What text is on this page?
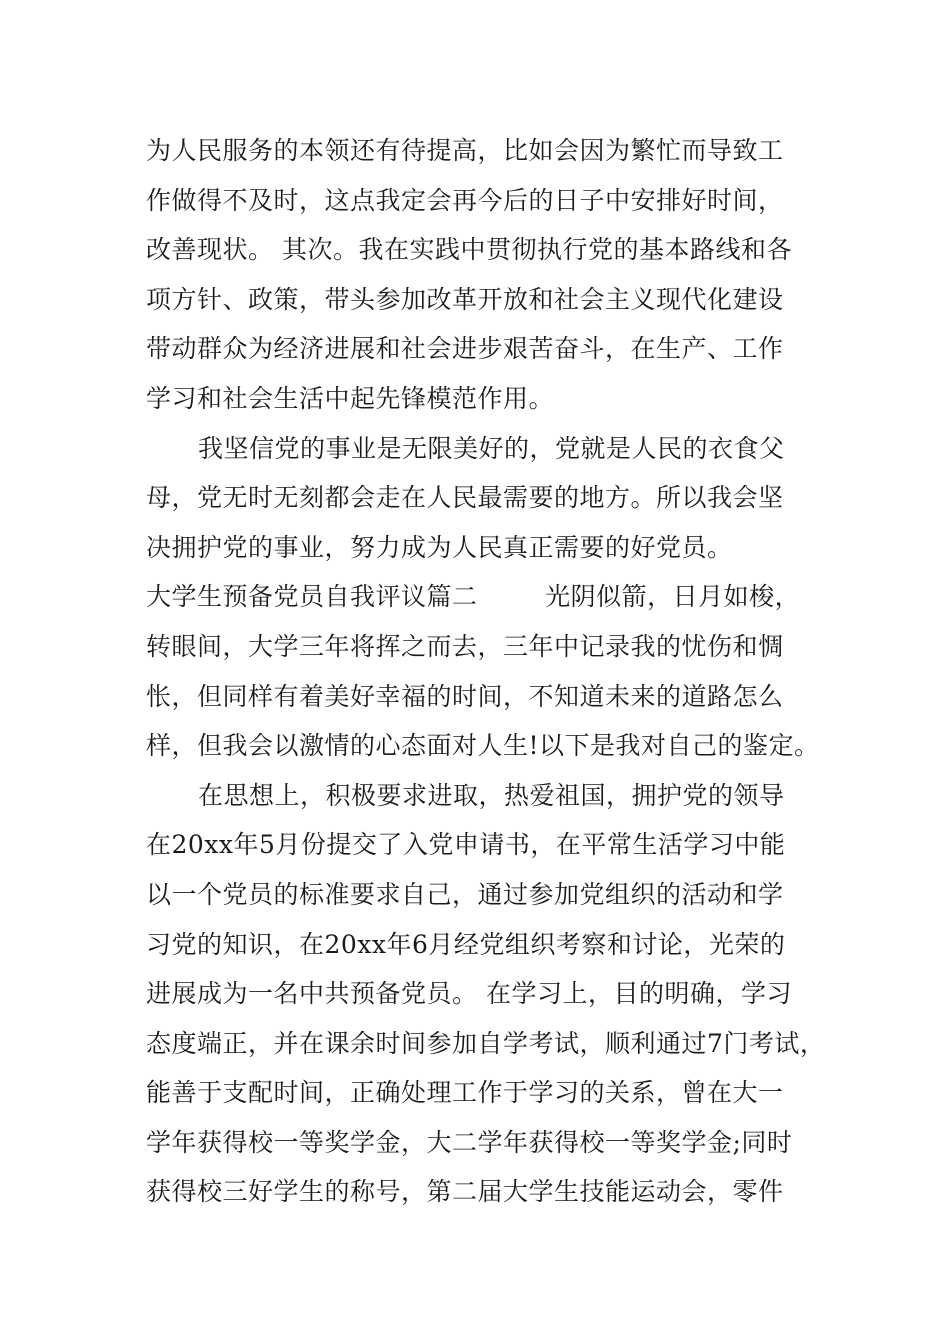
为人民服务的本领还有待提高，比如会因为繁忙而导致工
作做得不及时，这点我定会再今后的日子中安排好时间，
改善现状。 其次。我在实践中贯彻执行党的基本路线和各
项方针、政策，带头参加改革开放和社会主义现代化建设
带动群众为经济进展和社会进步艰苦奋斗，在生产、工作
学习和社会生活中起先锋模范作用。
我坚信党的事业是无限美好的，党就是人民的衣食父
母，党无时无刻都会走在人民最需要的地方。所以我会坚
决拥护党的事业，努力成为人民真正需要的好党员。
大学生预备党员自我评议篇二        光阴似箭，日月如梭，
转眼间，大学三年将挥之而去，三年中记录我的忧伤和惆
怅，但同样有着美好幸福的时间，不知道未来的道路怎么
样，但我会以激情的心态面对人生!以下是我对自己的鉴定。
在思想上，积极要求进取，热爱祖国，拥护党的领导
在20xx年5月份提交了入党申请书，在平常生活学习中能
以一个党员的标准要求自己，通过参加党组织的活动和学
习党的知识，在20xx年6月经党组织考察和讨论，光荣的
进展成为一名中共预备党员。 在学习上，目的明确，学习
态度端正，并在课余时间参加自学考试，顺利通过7门考试，
能善于支配时间，正确处理工作于学习的关系，曾在大一
学年获得校一等奖学金，大二学年获得校一等奖学金;同时
获得校三好学生的称号，第二届大学生技能运动会，零件
